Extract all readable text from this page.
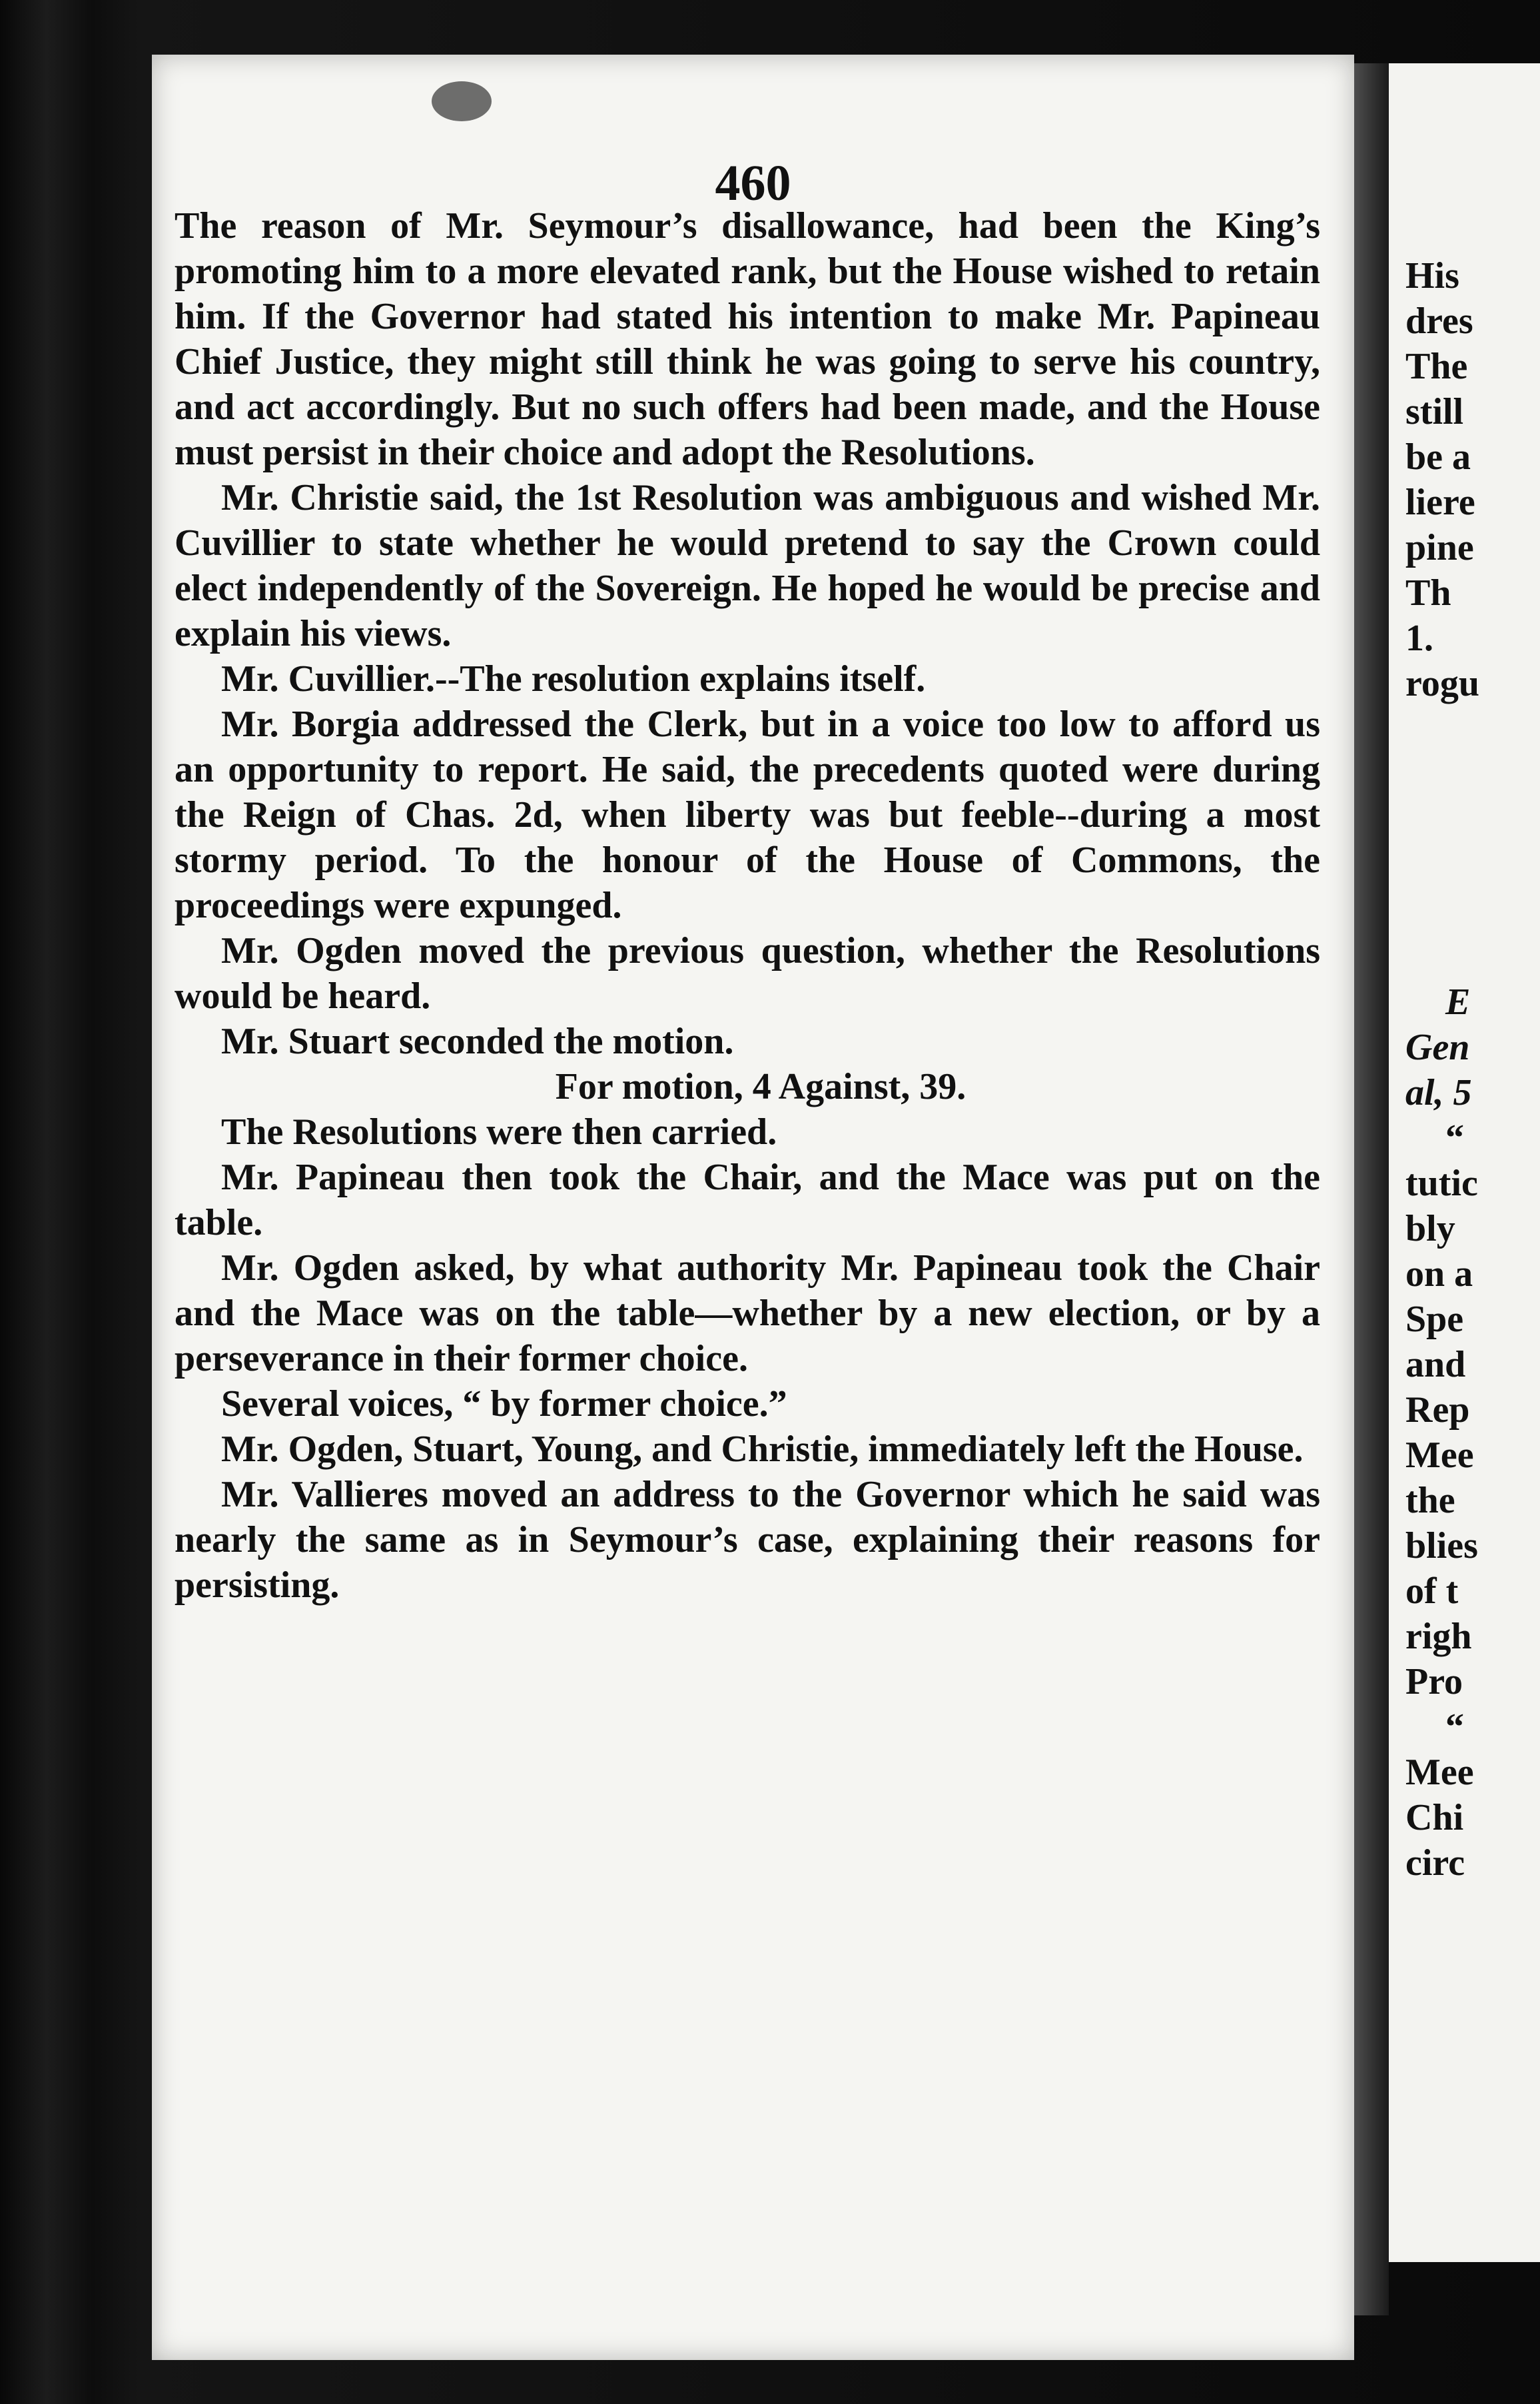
460

The reason of Mr. Seymour’s disallowance, had been the King’s promoting him to a more elevated rank, but the House wished to retain him. If the Governor had stated his intention to make Mr. Papineau Chief Justice, they might still think he was going to serve his country, and act accordingly. But no such offers had been made, and the House must persist in their choice and adopt the Resolutions.

Mr. Christie said, the 1st Resolution was ambiguous and wished Mr. Cuvillier to state whether he would pretend to say the Crown could elect independently of the Sovereign. He hoped he would be precise and explain his views.

Mr. Cuvillier.--The resolution explains itself.

Mr. Borgia addressed the Clerk, but in a voice too low to afford us an opportunity to report. He said, the precedents quoted were during the Reign of Chas. 2d, when liberty was but feeble--during a most stormy period. To the honour of the House of Commons, the proceedings were expunged.

Mr. Ogden moved the previous question, whether the Resolutions would be heard.

Mr. Stuart seconded the motion.

For motion, 4 Against, 39.

The Resolutions were then carried.

Mr. Papineau then took the Chair, and the Mace was put on the table.

Mr. Ogden asked, by what authority Mr. Papineau took the Chair and the Mace was on the table—whether by a new election, or by a perseverance in their former choice.

Several voices, “ by former choice.”

Mr. Ogden, Stuart, Young, and Christie, immediately left the House.

Mr. Vallieres moved an address to the Governor which he said was nearly the same as in Seymour’s case, explaining their reasons for persisting.

His
dres
The
still
be a
liere
pine
Th
1.
rogu
E
Gen
al, 5
“
tutic
bly
on a
Spe
and
Rep
Mee
the
blies
of t
righ
Pro
“
Mee
Chi
circ
